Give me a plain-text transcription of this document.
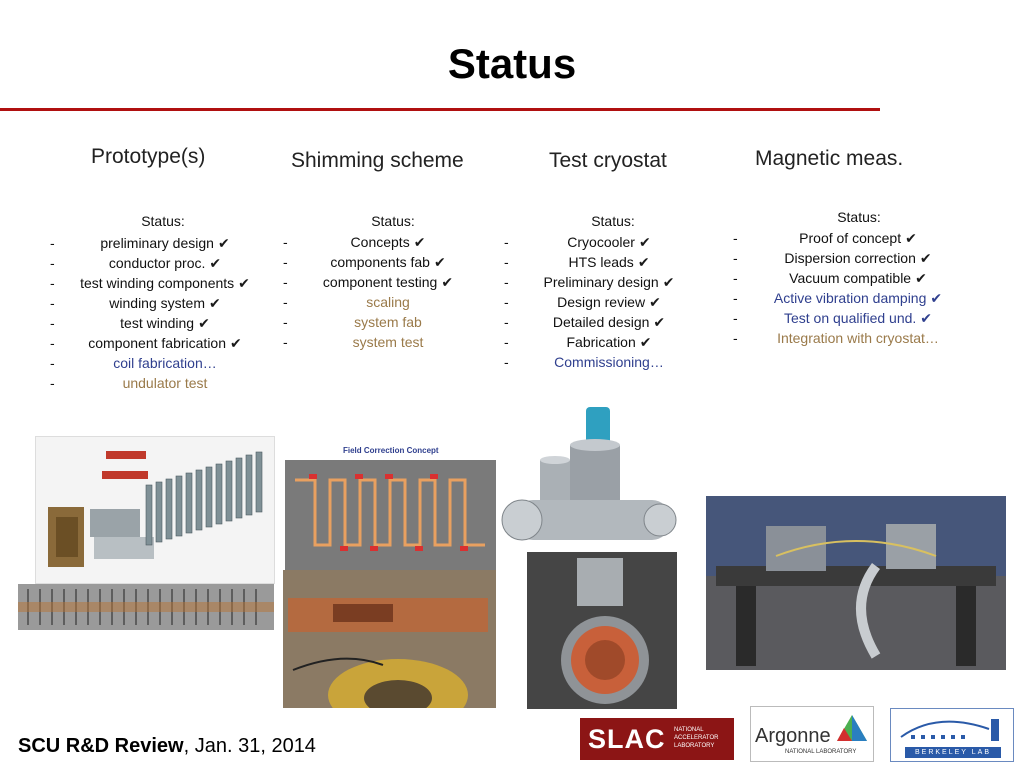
Status
Prototype(s)	Shimming scheme	Test cryostat	Magnetic meas.
Status:	Status:	Status:	Status:
-	preliminary design ✔
-	conductor proc. ✔
- test winding components ✔
-	winding system ✔
-	test winding ✔
- component fabrication ✔
-	coil fabrication…
-	undulator test
-	Concepts ✔
-	components fab ✔
-	component testing ✔
-	scaling
-	system fab
-	system test
-	Cryocooler ✔
-	HTS leads ✔
- Preliminary design ✔
-	Design review ✔
-	Detailed design ✔
-	Fabrication ✔
-	Commissioning…
-	Proof of concept ✔
-	Dispersion correction ✔
-	Vacuum compatible ✔
-	Active vibration damping ✔
-	Test on qualified und. ✔
-	Integration with cryostat…
Field Correction Concept
SCU R&D Review, Jan. 31, 2014	SLAC NATIONAL
ACCELERATOR
LABORATORY Argonne
NATIONAL LABORATORY	BERKELEY LAB
